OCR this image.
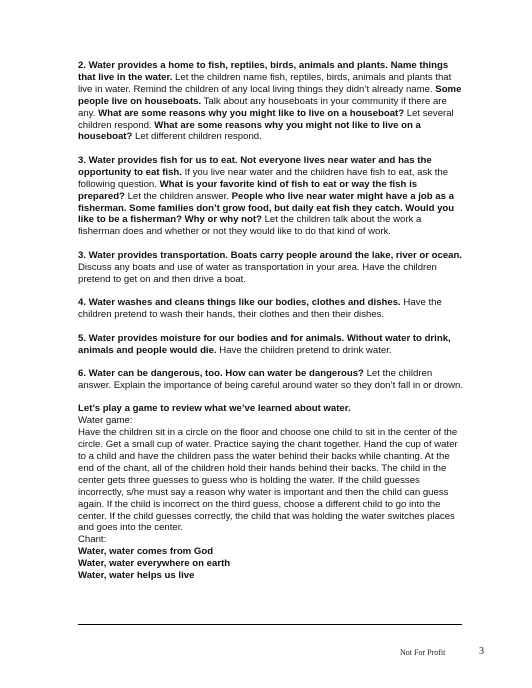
2. Water provides a home to fish, reptiles, birds, animals and plants. Name things that live in the water. Let the children name fish, reptiles, birds, animals and plants that live in water. Remind the children of any local living things they didn’t already name. Some people live on houseboats. Talk about any houseboats in your community if there are any. What are some reasons why you might like to live on a houseboat? Let several children respond. What are some reasons why you might not like to live on a houseboat? Let different children respond.

3. Water provides fish for us to eat. Not everyone lives near water and has the opportunity to eat fish. If you live near water and the children have fish to eat, ask the following question. What is your favorite kind of fish to eat or way the fish is prepared? Let the children answer. People who live near water might have a job as a fisherman. Some families don’t grow food, but daily eat fish they catch. Would you like to be a fisherman? Why or why not? Let the children talk about the work a fisherman does and whether or not they would like to do that kind of work.

3. Water provides transportation. Boats carry people around the lake, river or ocean. Discuss any boats and use of water as transportation in your area. Have the children pretend to get on and then drive a boat.

4. Water washes and cleans things like our bodies, clothes and dishes. Have the children pretend to wash their hands, their clothes and then their dishes.

5. Water provides moisture for our bodies and for animals. Without water to drink, animals and people would die. Have the children pretend to drink water.

6. Water can be dangerous, too. How can water be dangerous? Let the children answer. Explain the importance of being careful around water so they don’t fall in or drown.

Let’s play a game to review what we’ve learned about water.

Water game:

Have the children sit in a circle on the floor and choose one child to sit in the center of the circle. Get a small cup of water. Practice saying the chant together. Hand the cup of water to a child and have the children pass the water behind their backs while chanting. At the end of the chant, all of the children hold their hands behind their backs. The child in the center gets three guesses to guess who is holding the water. If the child guesses incorrectly, s/he must say a reason why water is important and then the child can guess again. If the child is incorrect on the third guess, choose a different child to go into the center. If the child guesses correctly, the child that was holding the water switches places and goes into the center.

Chant:

Water, water comes from God

Water, water everywhere on earth

Water, water helps us live

Not For Profit	3
